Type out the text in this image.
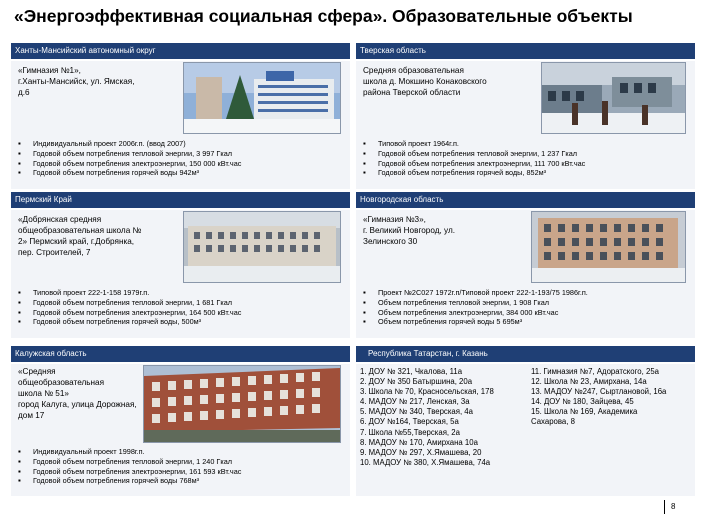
«Энергоэффективная социальная сфера». Образовательные объекты
Ханты-Мансийский автономный округ
«Гимназия №1»,
г.Ханты-Мансийск, ул. Ямская,
д.6
▪ Индивидуальный проект 2006г.п. (ввод 2007)
▪ Годовой объем потребления тепловой энергии, 3 997 Гкал
▪ Годовой объем потребления электроэнергии, 150 000 кВт.час
▪ Годовой объем потребления горячей воды 942м³
Тверская область
Средняя образовательная
школа д. Мокшино Конаковского
района Тверской области
▪ Типовой проект 1964г.п.
▪ Годовой объем потребления тепловой энергии, 1 237 Гкал
▪ Годовой объем потребления электроэнергии, 111 700 кВт.час
▪ Годовой объем потребления горячей воды, 852м³
Пермский Край
«Добрянская средняя
общеобразовательная школа №
2» Пермский край, г.Добрянка,
пер. Строителей, 7
▪ Типовой проект 222-1-158 1979г.п.
▪ Годовой объем потребления тепловой энергии, 1 681 Гкал
▪ Годовой объем потребления электроэнергии, 164 500 кВт.час
▪ Годовой объем потребления горячей воды, 500м³
Новгородская область
«Гимназия №3»,
г. Великий Новгород, ул.
Зелинского 30
▪ Проект №2С027 1972г.п/Типовой проект 222-1-193/75 1986г.п.
▪ Объем потребления тепловой энергии, 1 908 Гкал
▪ Объем потребления электроэнергии, 384 000 кВт.час
▪ Объем потребления горячей воды 5 695м³
Калужская область
«Средняя
общеобразовательная
школа № 51»
город Калуга, улица Дорожная,
дом 17
▪ Индивидуальный проект 1998г.п.
▪ Годовой объем потребления тепловой энергии, 1 240 Гкал
▪ Годовой объем потребления электроэнергии, 161 593 кВт.час
▪ Годовой объем потребления горячей воды 768м³
Республика Татарстан, г. Казань
1. ДОУ № 321, Чкалова, 11а
2. ДОУ № 350 Батыршина, 20а
3. Школа № 70, Красносельская, 178
4. МАДОУ № 217, Ленская, 3а
5. МАДОУ № 340, Тверская, 4а
6. ДОУ №164, Тверская, 5а
7. Школа №55,Тверская, 2а
8. МАДОУ № 170, Амирхана 10а
9. МАДОУ № 297, Х.Ямашева, 20
10. МАДОУ № 380, Х.Ямашева, 74а
11. Гимназия №7, Адоратского, 25а
12. Школа № 23, Амирхана, 14а
13. МАДОУ №247, Сыртлановой, 16а
14. ДОУ № 180, Зайцева, 45
15. Школа № 169, Академика
Сахарова, 8
8
